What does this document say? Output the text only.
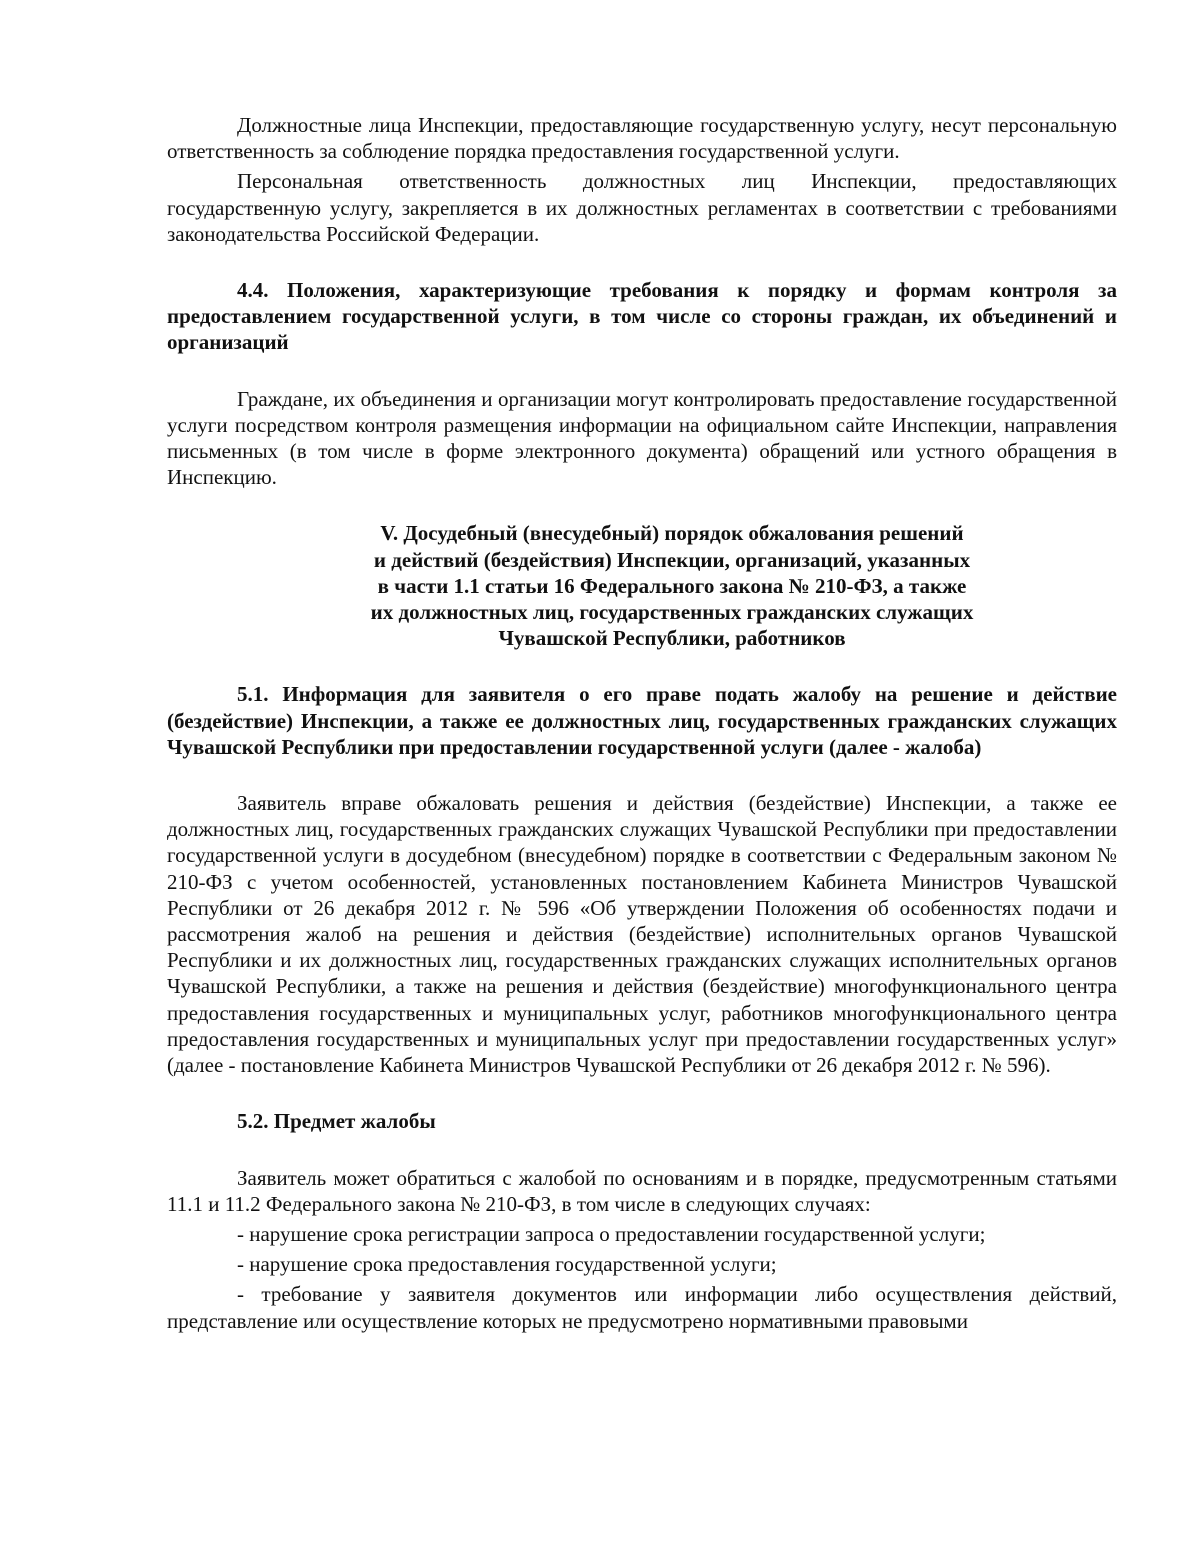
Должностные лица Инспекции, предоставляющие государственную услугу, несут персональную ответственность за соблюдение порядка предоставления государственной услуги.

Персональная ответственность должностных лиц Инспекции, предоставляющих государственную услугу, закрепляется в их должностных регламентах в соответствии с требованиями законодательства Российской Федерации.

4.4. Положения, характеризующие требования к порядку и формам контроля за предоставлением государственной услуги, в том числе со стороны граждан, их объединений и организаций

Граждане, их объединения и организации могут контролировать предоставление государственной услуги посредством контроля размещения информации на официальном сайте Инспекции, направления письменных (в том числе в форме электронного документа) обращений или устного обращения в Инспекцию.

V. Досудебный (внесудебный) порядок обжалования решений
и действий (бездействия) Инспекции, организаций, указанных
в части 1.1 статьи 16 Федерального закона № 210-ФЗ, а также
их должностных лиц, государственных гражданских служащих
Чувашской Республики, работников

5.1. Информация для заявителя о его праве подать жалобу на решение и действие (бездействие) Инспекции, а также ее должностных лиц, государственных гражданских служащих Чувашской Республики при предоставлении государственной услуги (далее - жалоба)

Заявитель вправе обжаловать решения и действия (бездействие) Инспекции, а также ее должностных лиц, государственных гражданских служащих Чувашской Республики при предоставлении государственной услуги в досудебном (внесудебном) порядке в соответствии с Федеральным законом № 210-ФЗ с учетом особенностей, установленных постановлением Кабинета Министров Чувашской Республики от 26 декабря 2012 г. № 596 «Об утверждении Положения об особенностях подачи и рассмотрения жалоб на решения и действия (бездействие) исполнительных органов Чувашской Республики и их должностных лиц, государственных гражданских служащих исполнительных органов Чувашской Республики, а также на решения и действия (бездействие) многофункционального центра предоставления государственных и муниципальных услуг, работников многофункционального центра предоставления государственных и муниципальных услуг при предоставлении государственных услуг» (далее - постановление Кабинета Министров Чувашской Республики от 26 декабря 2012 г. № 596).

5.2. Предмет жалобы

Заявитель может обратиться с жалобой по основаниям и в порядке, предусмотренным статьями 11.1 и 11.2 Федерального закона № 210-ФЗ, в том числе в следующих случаях:

- нарушение срока регистрации запроса о предоставлении государственной услуги;

- нарушение срока предоставления государственной услуги;

- требование у заявителя документов или информации либо осуществления действий, представление или осуществление которых не предусмотрено нормативными правовыми
